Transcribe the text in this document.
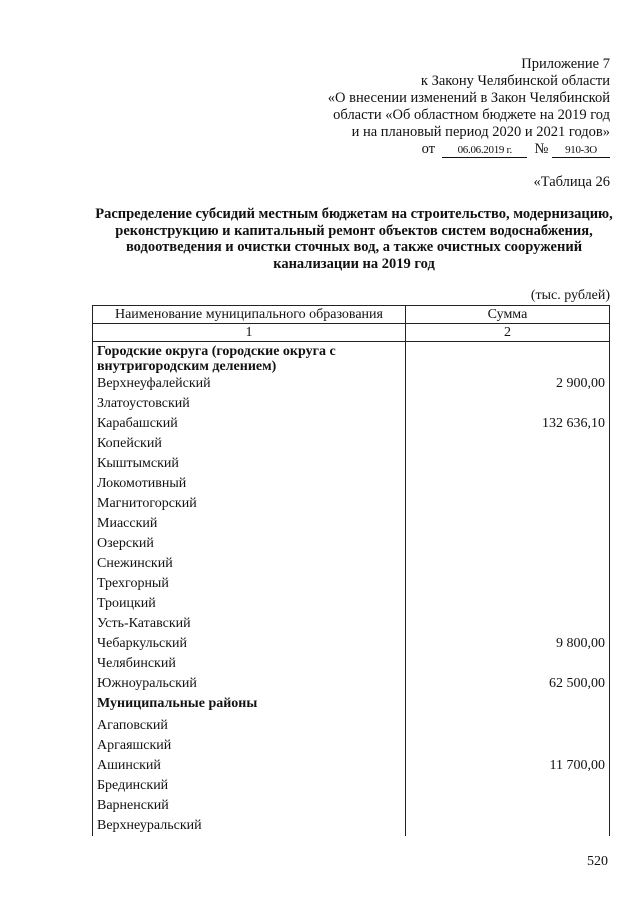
Приложение 7
к Закону Челябинской области
«О внесении изменений в Закон Челябинской
области «Об областном бюджете на 2019 год
и на плановый период 2020 и 2021 годов»
от 06.06.2019 г. № 910-ЗО
«Таблица 26
Распределение субсидий местным бюджетам на строительство, модернизацию, реконструкцию и капитальный ремонт объектов систем водоснабжения, водоотведения и очистки сточных вод, а также очистных сооружений канализации на 2019 год
(тыс. рублей)
Наименование муниципального образования	Сумма
1	2
Городские округа (городские округа с внутригородским делением)	
Верхнеуфалейский	2 900,00
Златоустовский	
Карабашский	132 636,10
Копейский	
Кыштымский	
Локомотивный	
Магнитогорский	
Миасский	
Озерский	
Снежинский	
Трехгорный	
Троицкий	
Усть-Катавский	
Чебаркульский	9 800,00
Челябинский	
Южноуральский	62 500,00
Муниципальные районы	
Агаповский	
Аргаяшский	
Ашинский	11 700,00
Брединский	
Варненский	
Верхнеуральский	
520
